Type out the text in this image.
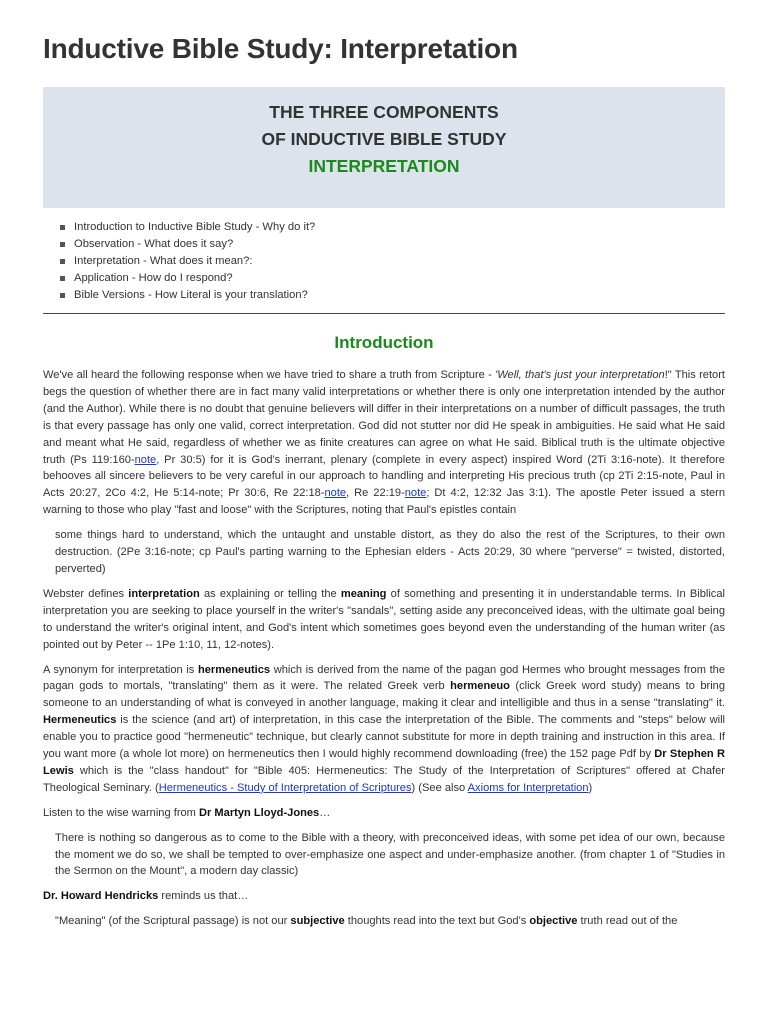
Inductive Bible Study: Interpretation
THE THREE COMPONENTS
OF INDUCTIVE BIBLE STUDY
INTERPRETATION
Introduction to Inductive Bible Study - Why do it?
Observation - What does it say?
Interpretation - What does it mean?:
Application - How do I respond?
Bible Versions - How Literal is your translation?
Introduction

We've all heard the following response when we have tried to share a truth from Scripture - 'Well, that's just your interpretation!" This retort begs the question of whether there are in fact many valid interpretations or whether there is only one interpretation intended by the author (and the Author). While there is no doubt that genuine believers will differ in their interpretations on a number of difficult passages, the truth is that every passage has only one valid, correct interpretation. God did not stutter nor did He speak in ambiguities. He said what He said and meant what He said, regardless of whether we as finite creatures can agree on what He said. Biblical truth is the ultimate objective truth (Ps 119:160-note, Pr 30:5) for it is God's inerrant, plenary (complete in every aspect) inspired Word (2Ti 3:16-note). It therefore behooves all sincere believers to be very careful in our approach to handling and interpreting His precious truth (cp 2Ti 2:15-note, Paul in Acts 20:27, 2Co 4:2, He 5:14-note; Pr 30:6, Re 22:18-note, Re 22:19-note; Dt 4:2, 12:32 Jas 3:1). The apostle Peter issued a stern warning to those who play "fast and loose" with the Scriptures, noting that Paul's epistles contain

some things hard to understand, which the untaught and unstable distort, as they do also the rest of the Scriptures, to their own destruction. (2Pe 3:16-note; cp Paul's parting warning to the Ephesian elders - Acts 20:29, 30 where "perverse" = twisted, distorted, perverted)

Webster defines interpretation as explaining or telling the meaning of something and presenting it in understandable terms. In Biblical interpretation you are seeking to place yourself in the writer's "sandals", setting aside any preconceived ideas, with the ultimate goal being to understand the writer's original intent, and God's intent which sometimes goes beyond even the understanding of the human writer (as pointed out by Peter -- 1Pe 1:10, 11, 12-notes).

A synonym for interpretation is hermeneutics which is derived from the name of the pagan god Hermes who brought messages from the pagan gods to mortals, "translating" them as it were. The related Greek verb hermeneuo (click Greek word study) means to bring someone to an understanding of what is conveyed in another language, making it clear and intelligible and thus in a sense "translating" it. Hermeneutics is the science (and art) of interpretation, in this case the interpretation of the Bible. The comments and "steps" below will enable you to practice good "hermeneutic" technique, but clearly cannot substitute for more in depth training and instruction in this area. If you want more (a whole lot more) on hermeneutics then I would highly recommend downloading (free) the 152 page Pdf by Dr Stephen R Lewis which is the "class handout" for "Bible 405: Hermeneutics: The Study of the Interpretation of Scriptures" offered at Chafer Theological Seminary. (Hermeneutics - Study of Interpretation of Scriptures) (See also Axioms for Interpretation)

Listen to the wise warning from Dr Martyn Lloyd-Jones…

There is nothing so dangerous as to come to the Bible with a theory, with preconceived ideas, with some pet idea of our own, because the moment we do so, we shall be tempted to over-emphasize one aspect and under-emphasize another. (from chapter 1 of "Studies in the Sermon on the Mount", a modern day classic)

Dr. Howard Hendricks reminds us that…

"Meaning" (of the Scriptural passage) is not our subjective thoughts read into the text but God's objective truth read out of the
